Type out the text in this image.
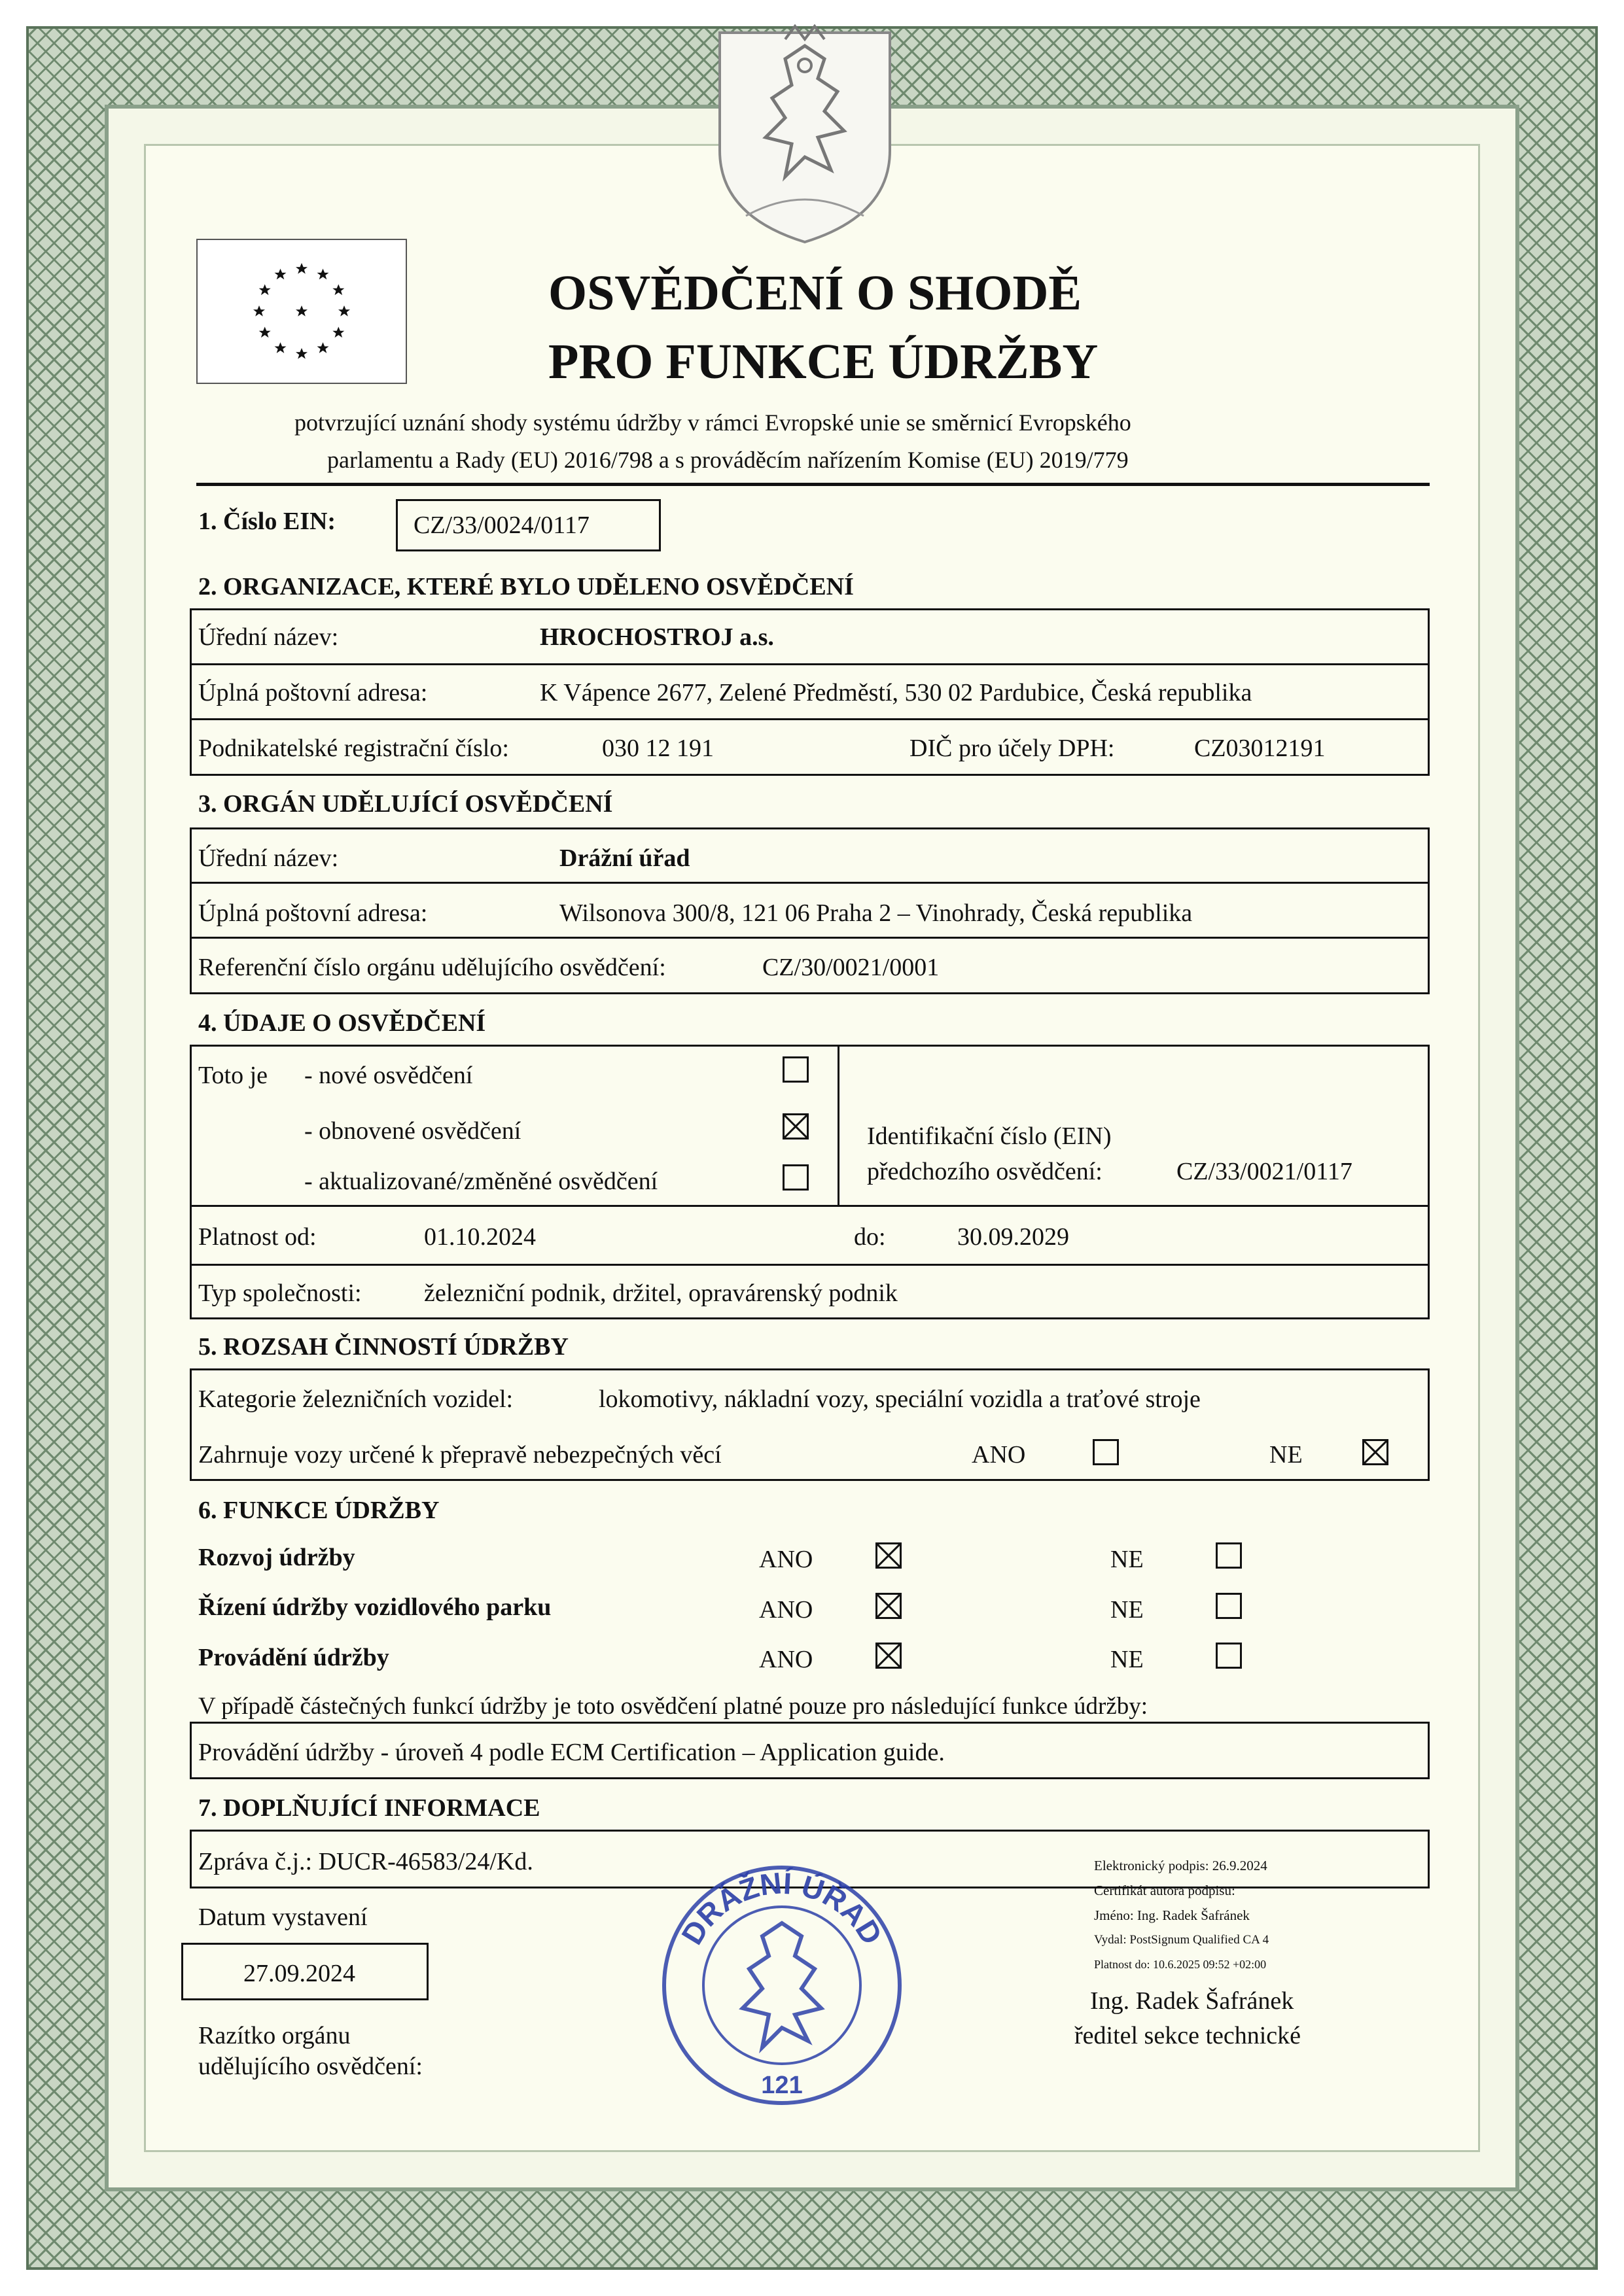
OSVĚDČENÍ O SHODĚ
PRO FUNKCE ÚDRŽBY
potvrzující uznání shody systému údržby v rámci Evropské unie se směrnicí Evropského
parlamentu a Rady (EU) 2016/798 a s prováděcím nařízením Komise (EU) 2019/779
1. Číslo EIN:	CZ/33/0024/0117
2. ORGANIZACE, KTERÉ BYLO UDĚLENO OSVĚDČENÍ
Úřední název:	HROCHOSTROJ a.s.
Úplná poštovní adresa:	K Vápence 2677, Zelené Předměstí, 530 02 Pardubice, Česká republika
Podnikatelské registrační číslo:	030 12 191	DIČ pro účely DPH:	CZ03012191
3. ORGÁN UDĚLUJÍCÍ OSVĚDČENÍ
Úřední název:	Drážní úřad
Úplná poštovní adresa:	Wilsonova 300/8, 121 06 Praha 2 – Vinohrady, Česká republika
Referenční číslo orgánu udělujícího osvědčení:	CZ/30/0021/0001
4. ÚDAJE O OSVĚDČENÍ
Toto je - nové osvědčení
- obnovené osvědčení
- aktualizované/změněné osvědčení
Identifikační číslo (EIN)
předchozího osvědčení:	CZ/33/0021/0117
Platnost od:	01.10.2024	do:	30.09.2029
Typ společnosti:	železniční podnik, držitel, opravárenský podnik
5. ROZSAH ČINNOSTÍ ÚDRŽBY
Kategorie železničních vozidel:	lokomotivy, nákladní vozy, speciální vozidla a traťové stroje
Zahrnuje vozy určené k přepravě nebezpečných věcí	ANO	NE
6. FUNKCE ÚDRŽBY
Rozvoj údržby	ANO	NE
Řízení údržby vozidlového parku	ANO	NE
Provádění údržby	ANO	NE
V případě částečných funkcí údržby je toto osvědčení platné pouze pro následující funkce údržby:
Provádění údržby - úroveň 4 podle ECM Certification – Application guide.
7. DOPLŇUJÍCÍ INFORMACE
Zpráva č.j.: DUCR-46583/24/Kd.
Datum vystavení
27.09.2024
Razítko orgánu
udělujícího osvědčení:
DRÁŽNÍ ÚŘAD
121
Elektronický podpis: 26.9.2024
Certifikát autora podpisu:
Jméno: Ing. Radek Šafránek
Vydal: PostSignum Qualified CA 4
Platnost do: 10.6.2025 09:52 +02:00
Ing. Radek Šafránek
ředitel sekce technické
